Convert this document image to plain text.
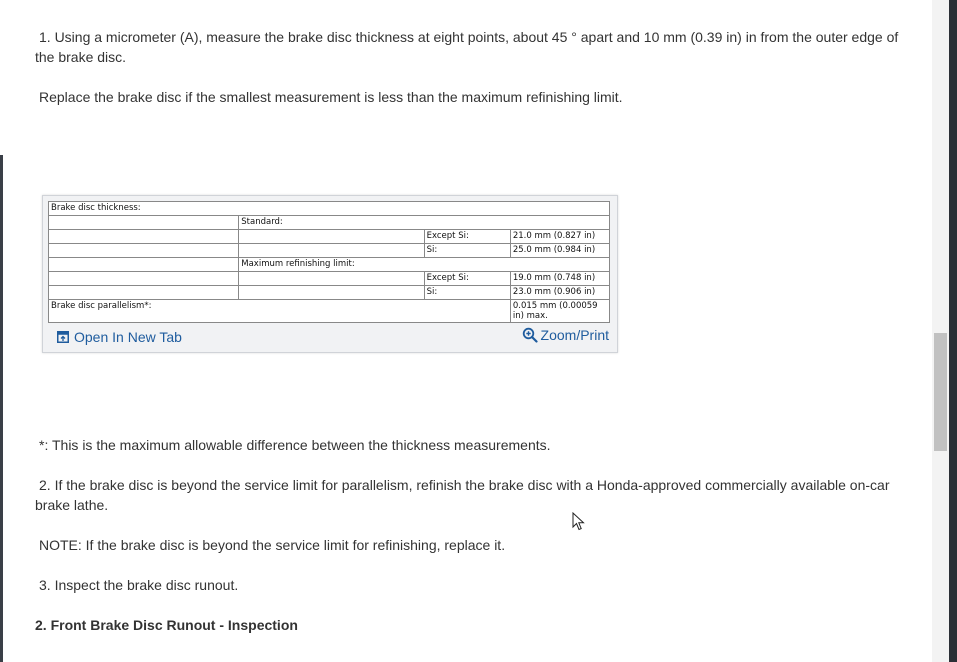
1. Using a micrometer (A), measure the brake disc thickness at eight points, about 45 ° apart and 10 mm (0.39 in) in from the outer edge of the brake disc.

Replace the brake disc if the smallest measurement is less than the maximum refinishing limit.

*: This is the maximum allowable difference between the thickness measurements.

2. If the brake disc is beyond the service limit for parallelism, refinish the brake disc with a Honda-approved commercially available on-car brake lathe.

NOTE: If the brake disc is beyond the service limit for refinishing, replace it.

3. Inspect the brake disc runout.

2. Front Brake Disc Runout - Inspection

Brake disc thickness:			
	Standard:		
		Except Si:	21.0 mm (0.827 in)
		Si:	25.0 mm (0.984 in)
	Maximum refinishing limit:		
		Except Si:	19.0 mm (0.748 in)
		Si:	23.0 mm (0.906 in)
Brake disc parallelism*:			0.015 mm (0.00059 in) max.
Open In New Tab	Zoom/Print
